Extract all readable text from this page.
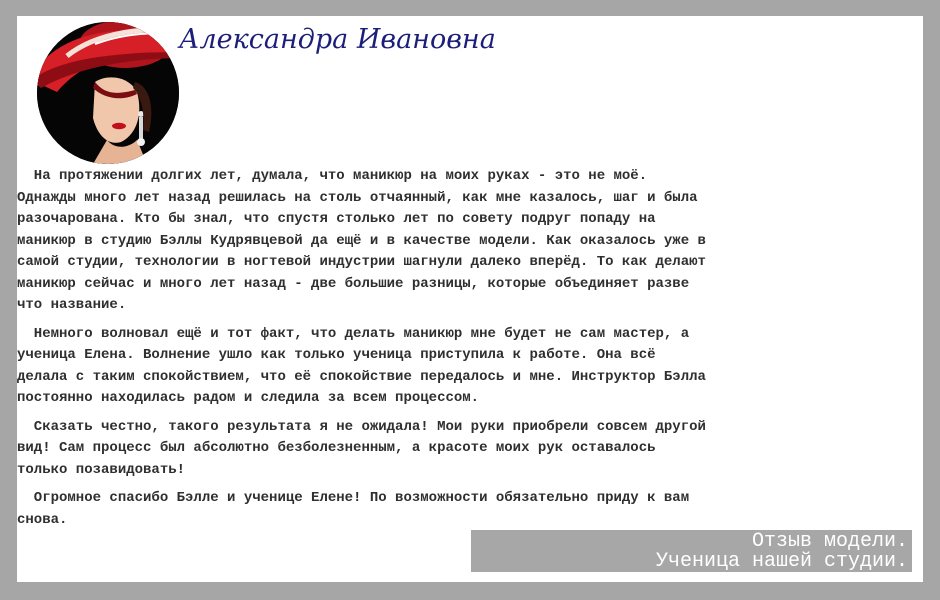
Александра Ивановна

На протяжении долгих лет, думала, что маникюр на моих руках - это не моё.
Однажды много лет назад решилась на столь отчаянный, как мне казалось, шаг и была
разочарована. Кто бы знал, что спустя столько лет по совету подруг попаду на
маникюр в студию Бэллы Кудрявцевой да ещё и в качестве модели. Как оказалось уже в
самой студии, технологии в ногтевой индустрии шагнули далеко вперёд. То как делают
маникюр сейчас и много лет назад - две большие разницы, которые объединяет разве
что название.

Немного волновал ещё и тот факт, что делать маникюр мне будет не сам мастер, а
ученица Елена. Волнение ушло как только ученица приступила к работе. Она всё
делала с таким спокойствием, что её спокойствие передалось и мне. Инструктор Бэлла
постоянно находилась радом и следила за всем процессом.

Сказать честно, такого результата я не ожидала! Мои руки приобрели совсем другой
вид! Сам процесс был абсолютно безболезненным, а красоте моих рук оставалось
только позавидовать!

Огромное спасибо Бэлле и ученице Елене! По возможности обязательно приду к вам
снова.

Отзыв модели.
Ученица нашей студии.
